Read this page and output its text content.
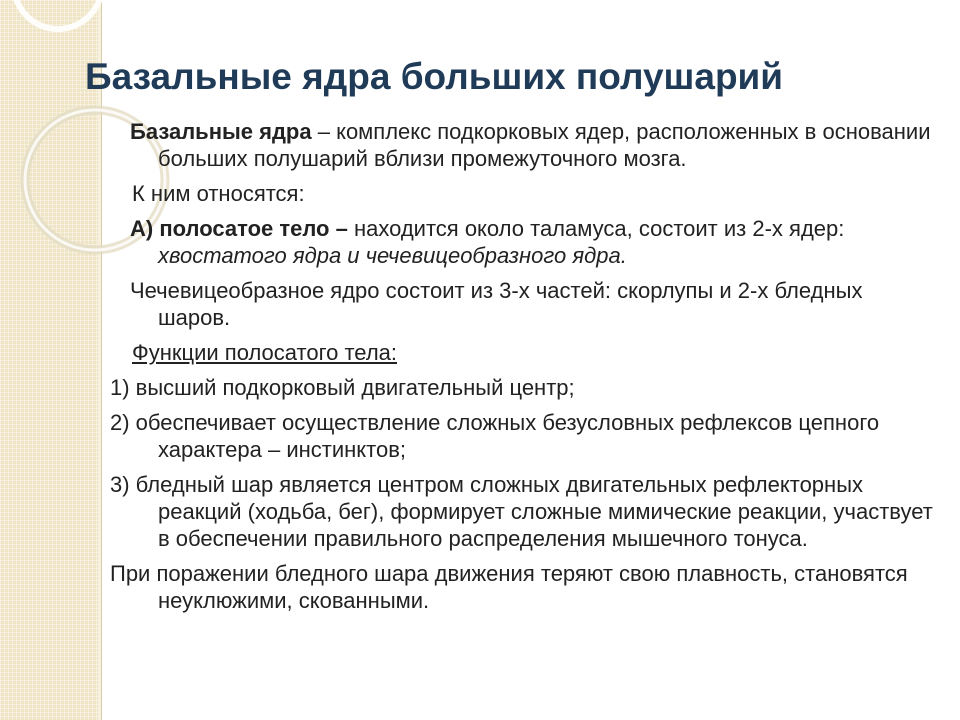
Базальные ядра больших полушарий

Базальные ядра – комплекс подкорковых ядер, расположенных в основании больших полушарий вблизи промежуточного мозга.

К ним относятся:

А) полосатое тело – находится около таламуса, состоит из 2-х ядер: хвостатого ядра и чечевицеобразного ядра.

Чечевицеобразное ядро состоит из 3-х частей: скорлупы и 2-х бледных шаров.

Функции полосатого тела:

1) высший подкорковый двигательный центр;

2) обеспечивает осуществление сложных безусловных рефлексов цепного характера – инстинктов;

3) бледный шар является центром сложных двигательных рефлекторных реакций (ходьба, бег), формирует сложные мимические реакции, участвует в обеспечении правильного распределения мышечного тонуса.

При поражении бледного шара движения теряют свою плавность, становятся неуклюжими, скованными.
